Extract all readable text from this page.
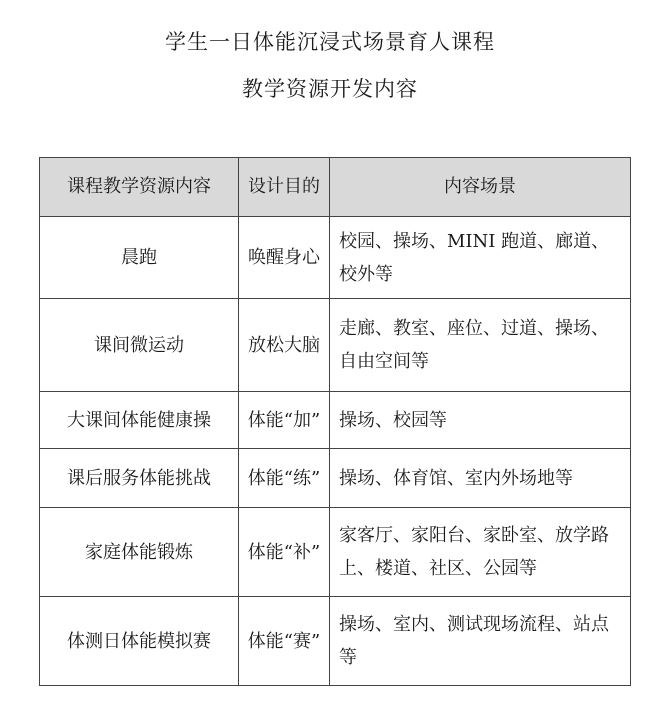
学生一日体能沉浸式场景育人课程
教学资源开发内容
课程教学资源内容	设计目的	内容场景
晨跑	唤醒身心	校园、操场、MINI 跑道、廊道、校外等
课间微运动	放松大脑	走廊、教室、座位、过道、操场、自由空间等
大课间体能健康操	体能“加”	操场、校园等
课后服务体能挑战	体能“练”	操场、体育馆、室内外场地等
家庭体能锻炼	体能“补”	家客厅、家阳台、家卧室、放学路上、楼道、社区、公园等
体测日体能模拟赛	体能“赛”	操场、室内、测试现场流程、站点等
